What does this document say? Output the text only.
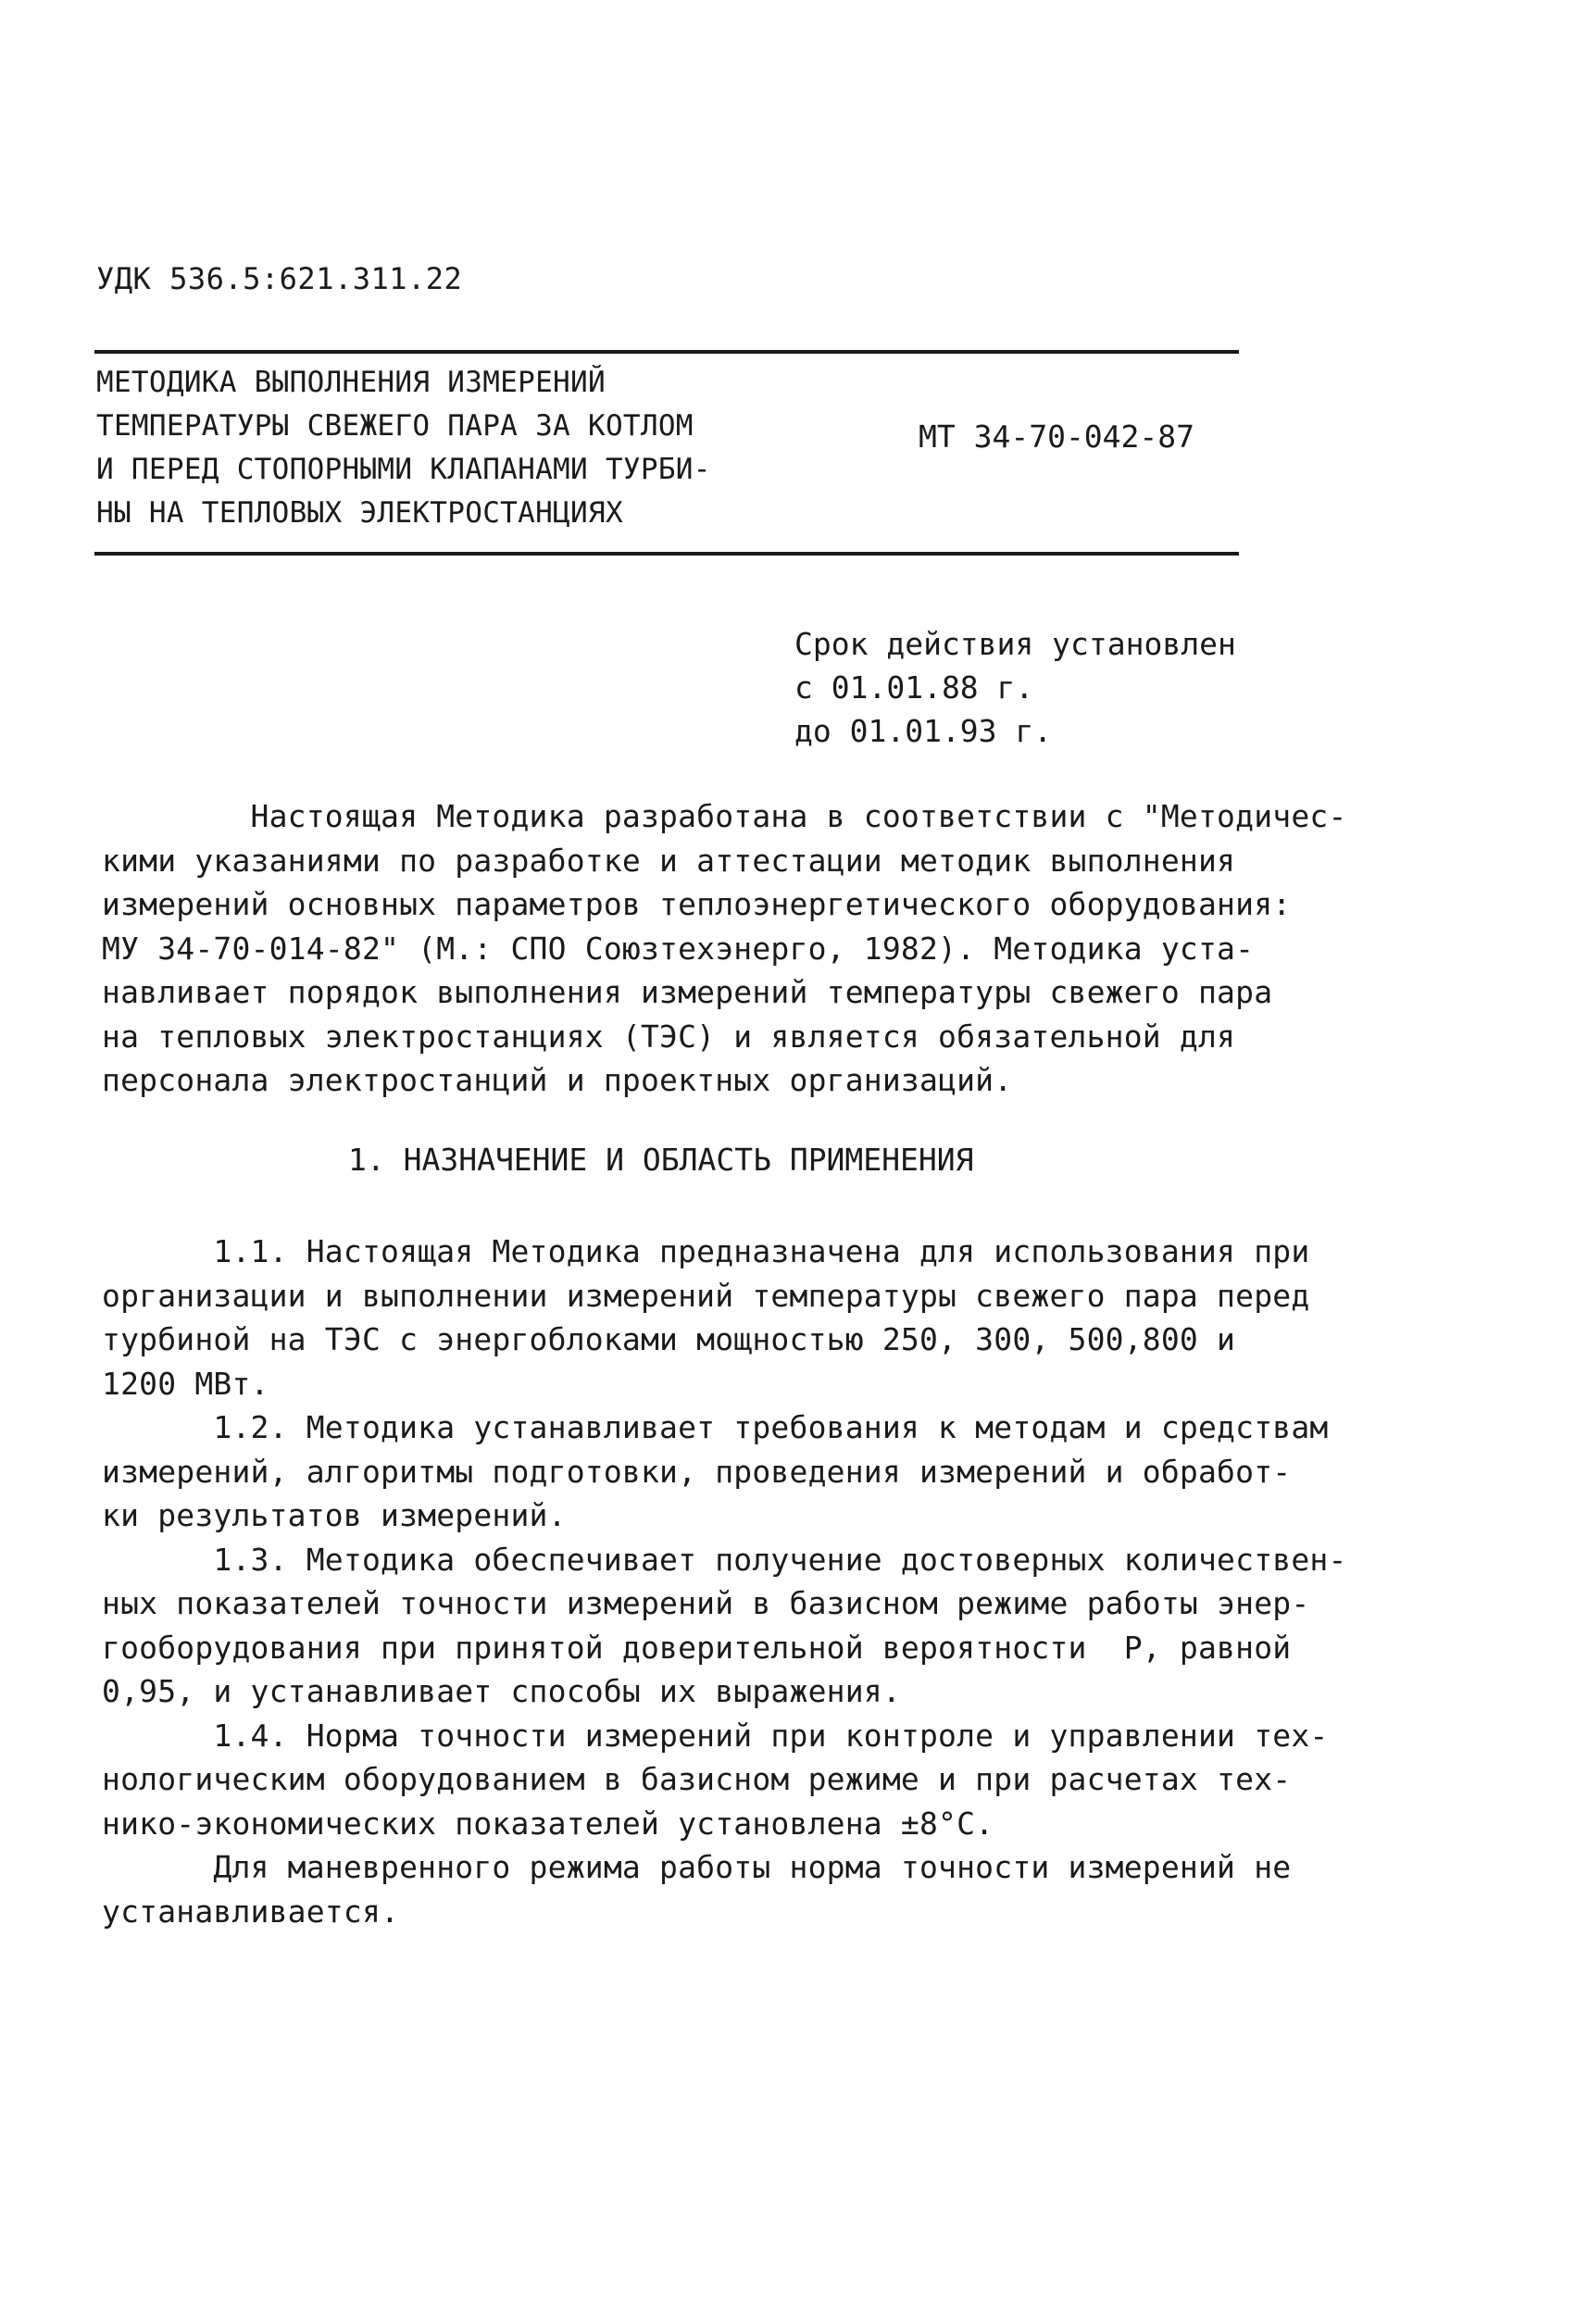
УДК 536.5:621.311.22
МЕТОДИКА ВЫПОЛНЕНИЯ ИЗМЕРЕНИЙ
ТЕМПЕРАТУРЫ СВЕЖЕГО ПАРА ЗА КОТЛОМ
И ПЕРЕД СТОПОРНЫМИ КЛАПАНАМИ ТУРБИ-
НЫ НА ТЕПЛОВЫХ ЭЛЕКТРОСТАНЦИЯХ
МТ 34-70-042-87
Срок действия установлен
с 01.01.88 г.
до 01.01.93 г.
Настоящая Методика разработана в соответствии с "Методичес-
кими указаниями по разработке и аттестации методик выполнения
измерений основных параметров теплоэнергетического оборудования:
МУ 34-70-014-82" (М.: СПО Союзтехэнерго, 1982). Методика уста-
навливает порядок выполнения измерений температуры свежего пара
на тепловых электростанциях (ТЭС) и является обязательной для
персонала электростанций и проектных организаций.
1. НАЗНАЧЕНИЕ И ОБЛАСТЬ ПРИМЕНЕНИЯ
1.1. Настоящая Методика предназначена для использования при
организации и выполнении измерений температуры свежего пара перед
турбиной на ТЭС с энергоблоками мощностью 250, 300, 500,800 и
1200 МВт.
1.2. Методика устанавливает требования к методам и средствам
измерений, алгоритмы подготовки, проведения измерений и обработ-
ки результатов измерений.
1.3. Методика обеспечивает получение достоверных количествен-
ных показателей точности измерений в базисном режиме работы энер-
гооборудования при принятой доверительной вероятности  Р, равной
0,95, и устанавливает способы их выражения.
1.4. Норма точности измерений при контроле и управлении тех-
нологическим оборудованием в базисном режиме и при расчетах тех-
нико-экономических показателей установлена ±8°С.
Для маневренного режима работы норма точности измерений не
устанавливается.
